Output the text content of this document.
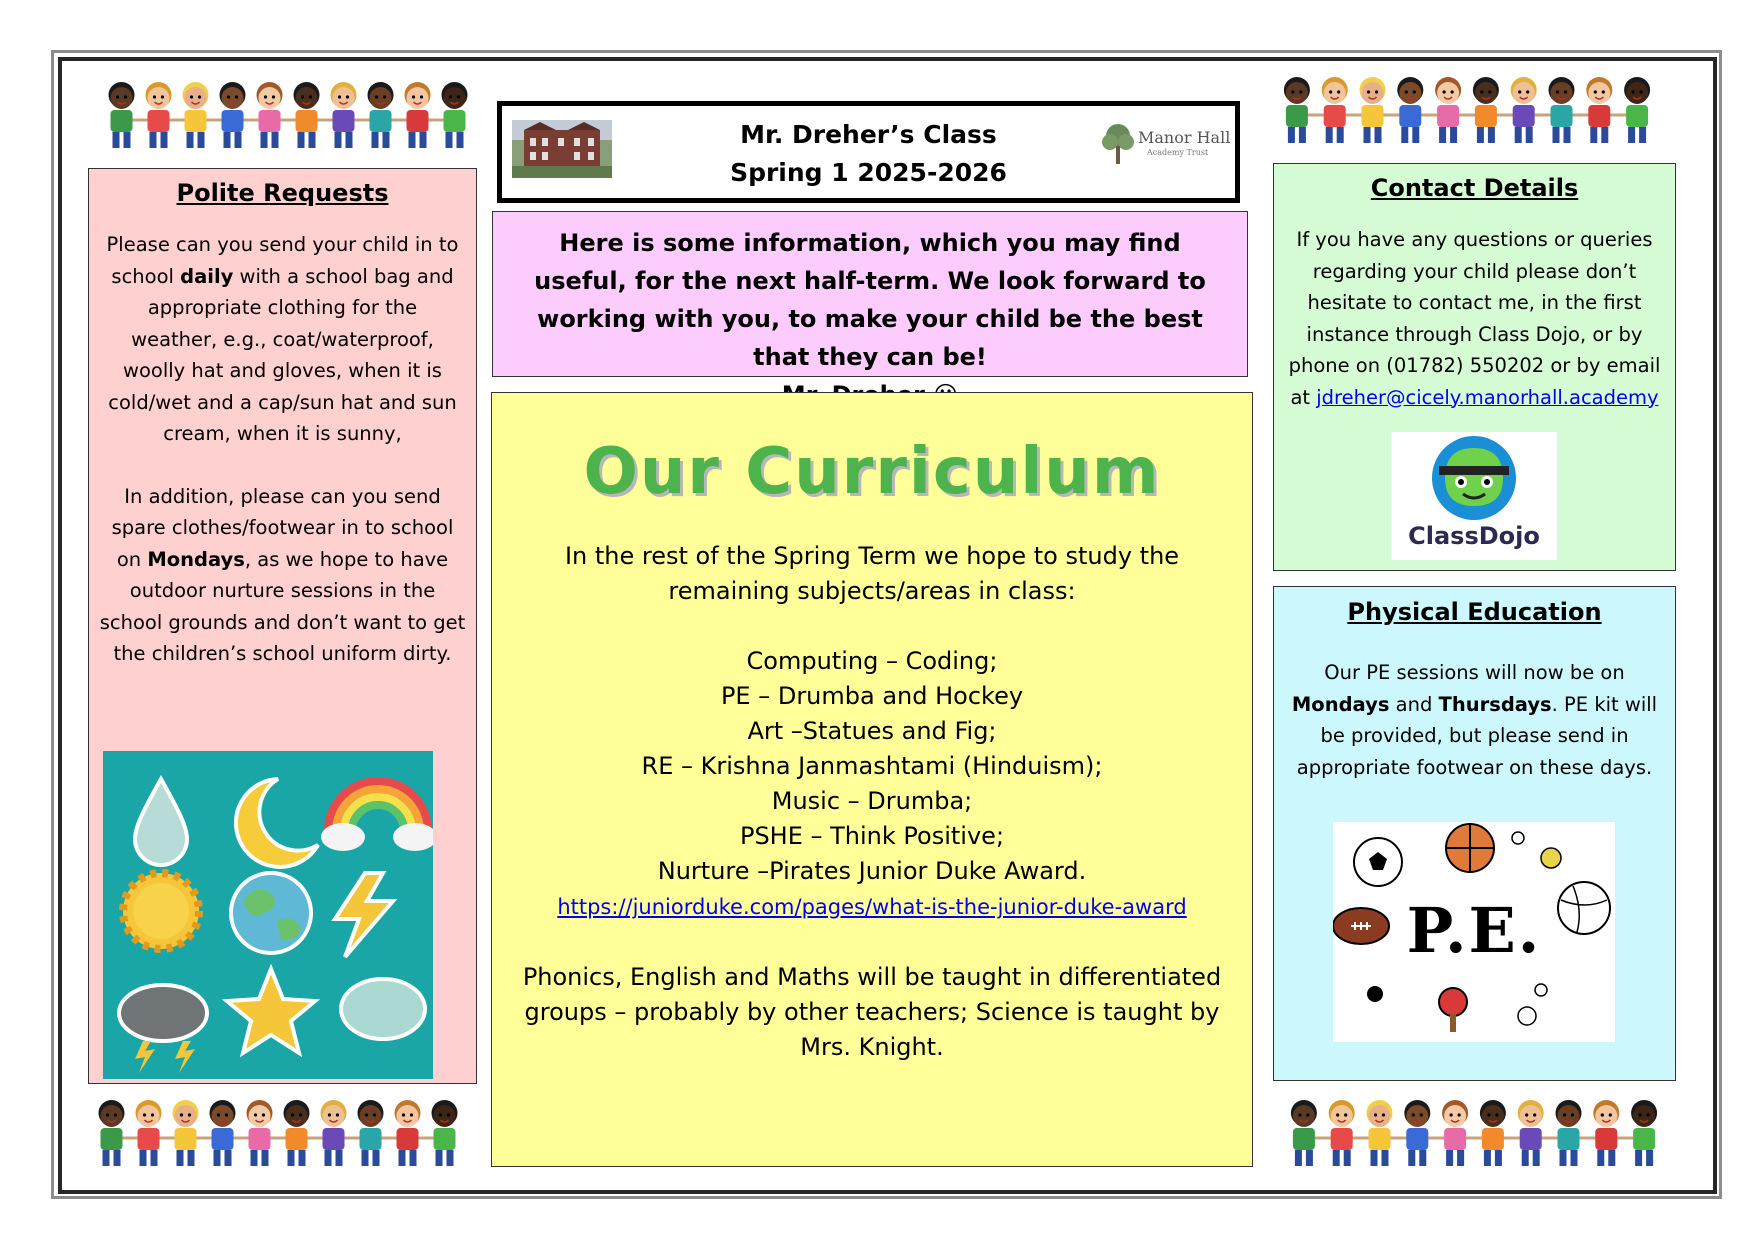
Mr. Dreher’s Class
Spring 1 2025-2026
Manor Hall
Academy Trust
Here is some information, which you may find useful, for the next half-term. We look forward to working with you, to make your child be the best that they can be!
Polite Requests
Please can you send your child in to school daily with a school bag and appropriate clothing for the weather, e.g., coat/waterproof, woolly hat and gloves, when it is cold/wet and a cap/sun hat and sun cream, when it is sunny,
In addition, please can you send spare clothes/footwear in to school on Mondays, as we hope to have outdoor nurture sessions in the school grounds and don’t want to get the children’s school uniform dirty.
Our Curriculum
In the rest of the Spring Term we hope to study the remaining subjects/areas in class:
Computing – Coding;
PE – Drumba and Hockey
Art –Statues and Fig;
RE – Krishna Janmashtami (Hinduism);
Music – Drumba;
PSHE – Think Positive;
Nurture –Pirates Junior Duke Award.
https://juniorduke.com/pages/what-is-the-junior-duke-award
Phonics, English and Maths will be taught in differentiated groups – probably by other teachers; Science is taught by Mrs. Knight.
Contact Details
If you have any questions or queries regarding your child please don’t hesitate to contact me, in the first instance through Class Dojo, or by phone on (01782) 550202 or by email at jdreher@cicely.manorhall.academy
ClassDojo
Physical Education
Our PE sessions will now be on Mondays and Thursdays. PE kit will be provided, but please send in appropriate footwear on these days.
P.E.
